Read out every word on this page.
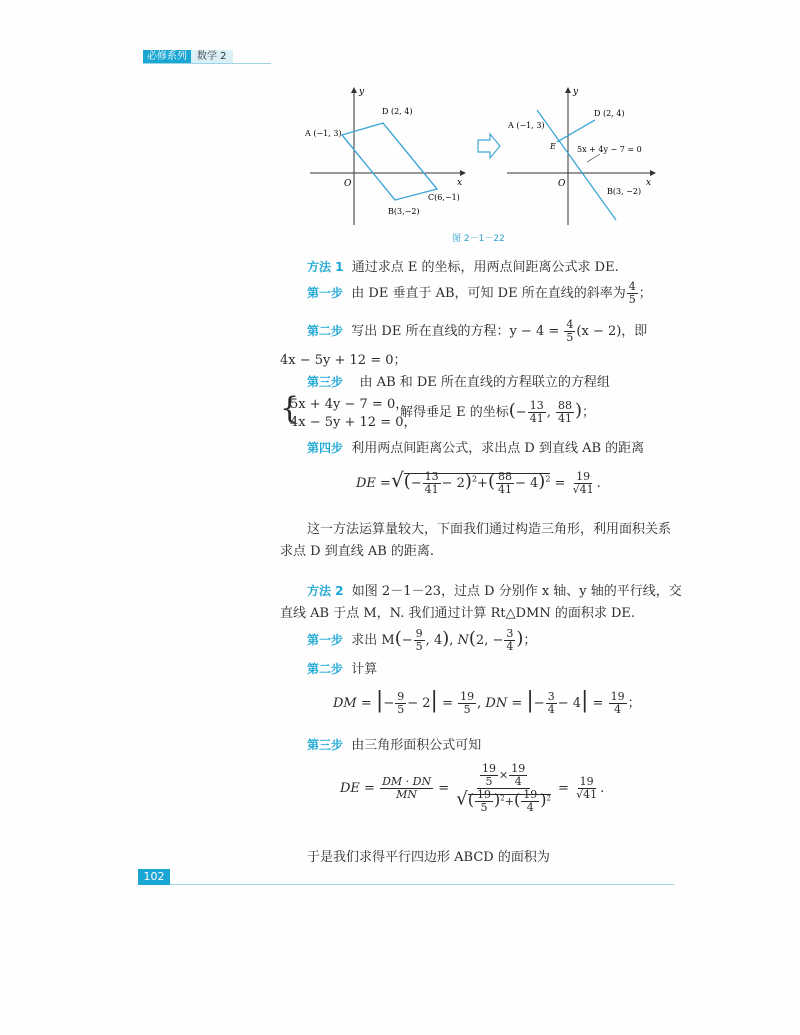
必修系列	数学 2
x
y
O
A (−1, 3)
D (2, 4)
B(3,−2)
C(6,−1)
x
y
O
A (−1, 3)
D (2, 4)
E	5x + 4y − 7 = 0
B(3, −2)
图 2－1－22
方法 1 通过求点 E 的坐标，用两点间距离公式求 DE.
第一步 由 DE 垂直于 AB，可知 DE 所在直线的斜率为 $\frac{4}{5}$ ；
第二步 写出 DE 所在直线的方程：$y - 4 = \frac{4}{5} (x - 2)$，即
4x − 5y + 12 = 0；
第三步 由 AB 和 DE 所在直线的方程联立的方程组
{
5x + 4y − 7 = 0，
4x − 5y + 12 = 0，
解得垂足 E 的坐标(− $\frac{13}{41}$ , $\frac{88}{41}$ )；
第四步 利用两点间距离公式，求出点 D 到直线 AB 的距离
DE =√(− $\frac{13}{41} - 2)^2+( \frac{88}{41} - 4)^2 = \frac{19}{√41}$ .
这一方法运算量较大，下面我们通过构造三角形，利用面积关系
求点 D 到直线 AB 的距离.
方法 2 如图 2－1－23，过点 D 分别作 x 轴、y 轴的平行线，交
直线 AB 于点 M，N. 我们通过计算 Rt△DMN 的面积求 DE.
第一步 求出 $M(- \frac{9}{5}$ , 4), N(2, − $\frac{3}{4}$ )；
第二步 计算
DM = |− $\frac{9}{5} - 2| = \frac{19}{5}$ , DN = |− $\frac{3}{4} - 4| = \frac{19}{4}$ ；
第三步 由三角形面积公式可知
DE = $\frac{DM \cdot DN}{MN} = \frac{\frac{19}{5} \times \frac{19}{4}}{√( \frac{19}{5} )^2+( \frac{19}{4} )^2} = \frac{19}{√41}$ .
于是我们求得平行四边形 ABCD 的面积为
102
